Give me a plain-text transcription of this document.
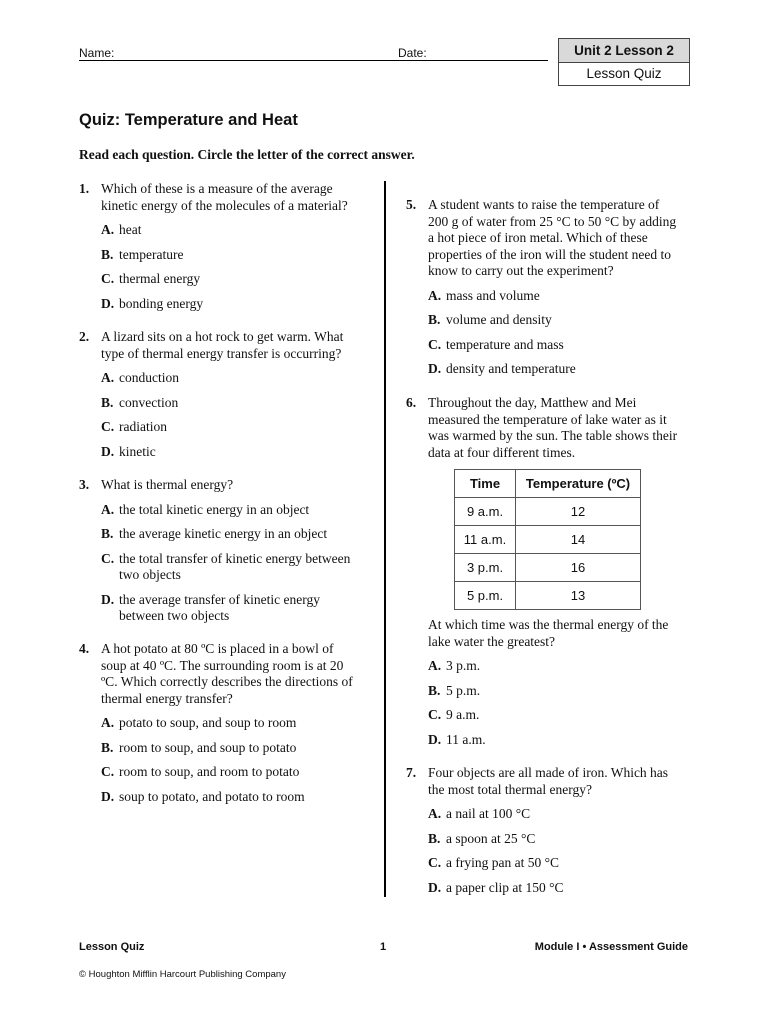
Name:	Date:	Unit 2 Lesson 2
Lesson Quiz
Quiz: Temperature and Heat
Read each question. Circle the letter of the correct answer.
1. Which of these is a measure of the average kinetic energy of the molecules of a material?
A. heat
B. temperature
C. thermal energy
D. bonding energy
2. A lizard sits on a hot rock to get warm. What type of thermal energy transfer is occurring?
A. conduction
B. convection
C. radiation
D. kinetic
3. What is thermal energy?
A. the total kinetic energy in an object
B. the average kinetic energy in an object
C. the total transfer of kinetic energy between two objects
D. the average transfer of kinetic energy between two objects
4. A hot potato at 80 ºC is placed in a bowl of soup at 40 ºC. The surrounding room is at 20 ºC. Which correctly describes the directions of thermal energy transfer?
A. potato to soup, and soup to room
B. room to soup, and soup to potato
C. room to soup, and room to potato
D. soup to potato, and potato to room
5. A student wants to raise the temperature of 200 g of water from 25 °C to 50 °C by adding a hot piece of iron metal. Which of these properties of the iron will the student need to know to carry out the experiment?
A. mass and volume
B. volume and density
C. temperature and mass
D. density and temperature
6. Throughout the day, Matthew and Mei measured the temperature of lake water as it was warmed by the sun. The table shows their data at four different times.
Time	Temperature (ºC)
9 a.m.	12
11 a.m.	14
3 p.m.	16
5 p.m.	13
At which time was the thermal energy of the lake water the greatest?
A. 3 p.m.
B. 5 p.m.
C. 9 a.m.
D. 11 a.m.
7. Four objects are all made of iron. Which has the most total thermal energy?
A. a nail at 100 °C
B. a spoon at 25 °C
C. a frying pan at 50 °C
D. a paper clip at 150 °C
Lesson Quiz	1	Module I • Assessment Guide
© Houghton Mifflin Harcourt Publishing Company
